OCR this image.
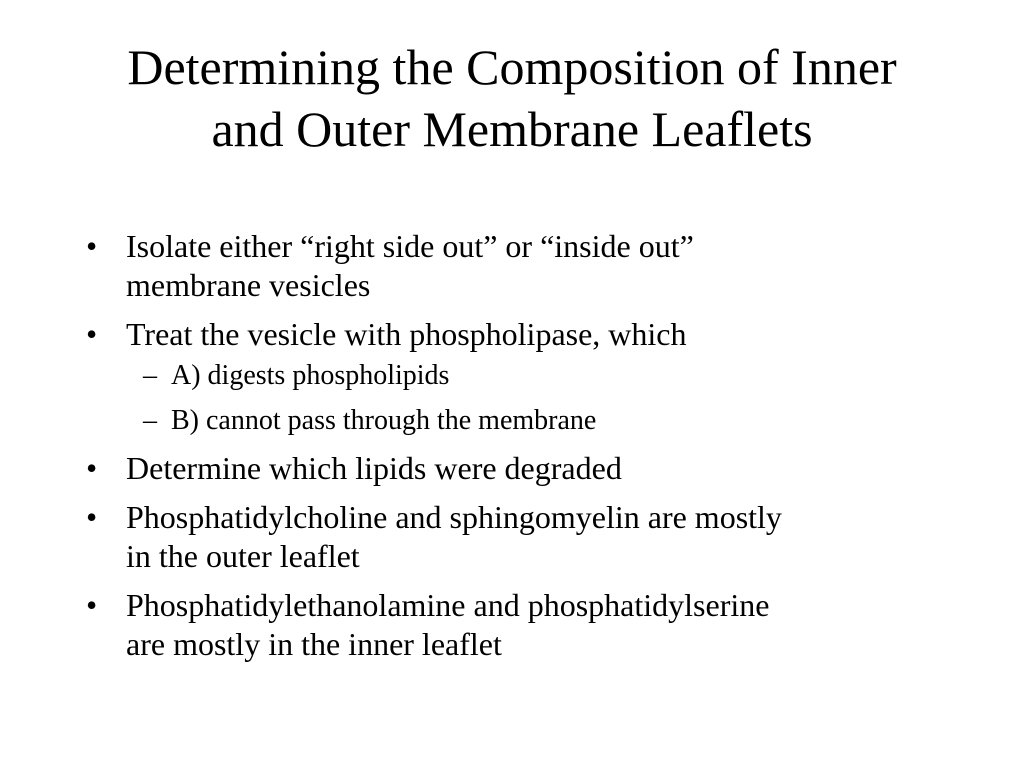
Determining the Composition of Inner
and Outer Membrane Leaflets
• Isolate either “right side out” or “inside out”
membrane vesicles
• Treat the vesicle with phospholipase, which
– A) digests phospholipids
– B) cannot pass through the membrane
• Determine which lipids were degraded
• Phosphatidylcholine and sphingomyelin are mostly
in the outer leaflet
• Phosphatidylethanolamine and phosphatidylserine
are mostly in the inner leaflet
